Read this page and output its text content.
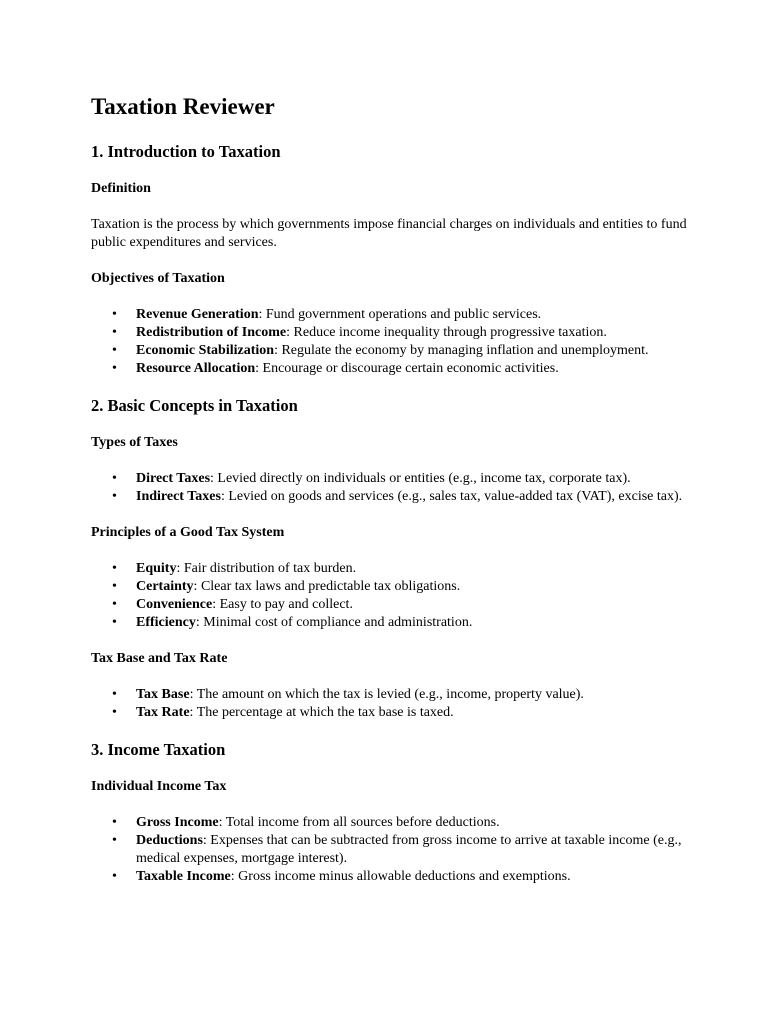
Taxation Reviewer
1. Introduction to Taxation
Definition

Taxation is the process by which governments impose financial charges on individuals and entities to fund public expenditures and services.

Objectives of Taxation
• Revenue Generation: Fund government operations and public services.
• Redistribution of Income: Reduce income inequality through progressive taxation.
• Economic Stabilization: Regulate the economy by managing inflation and unemployment.
• Resource Allocation: Encourage or discourage certain economic activities.
2. Basic Concepts in Taxation
Types of Taxes
• Direct Taxes: Levied directly on individuals or entities (e.g., income tax, corporate tax).
• Indirect Taxes: Levied on goods and services (e.g., sales tax, value-added tax (VAT), excise tax).
Principles of a Good Tax System
• Equity: Fair distribution of tax burden.
• Certainty: Clear tax laws and predictable tax obligations.
• Convenience: Easy to pay and collect.
• Efficiency: Minimal cost of compliance and administration.
Tax Base and Tax Rate
• Tax Base: The amount on which the tax is levied (e.g., income, property value).
• Tax Rate: The percentage at which the tax base is taxed.
3. Income Taxation
Individual Income Tax
• Gross Income: Total income from all sources before deductions.
• Deductions: Expenses that can be subtracted from gross income to arrive at taxable income (e.g., medical expenses, mortgage interest).
• Taxable Income: Gross income minus allowable deductions and exemptions.
